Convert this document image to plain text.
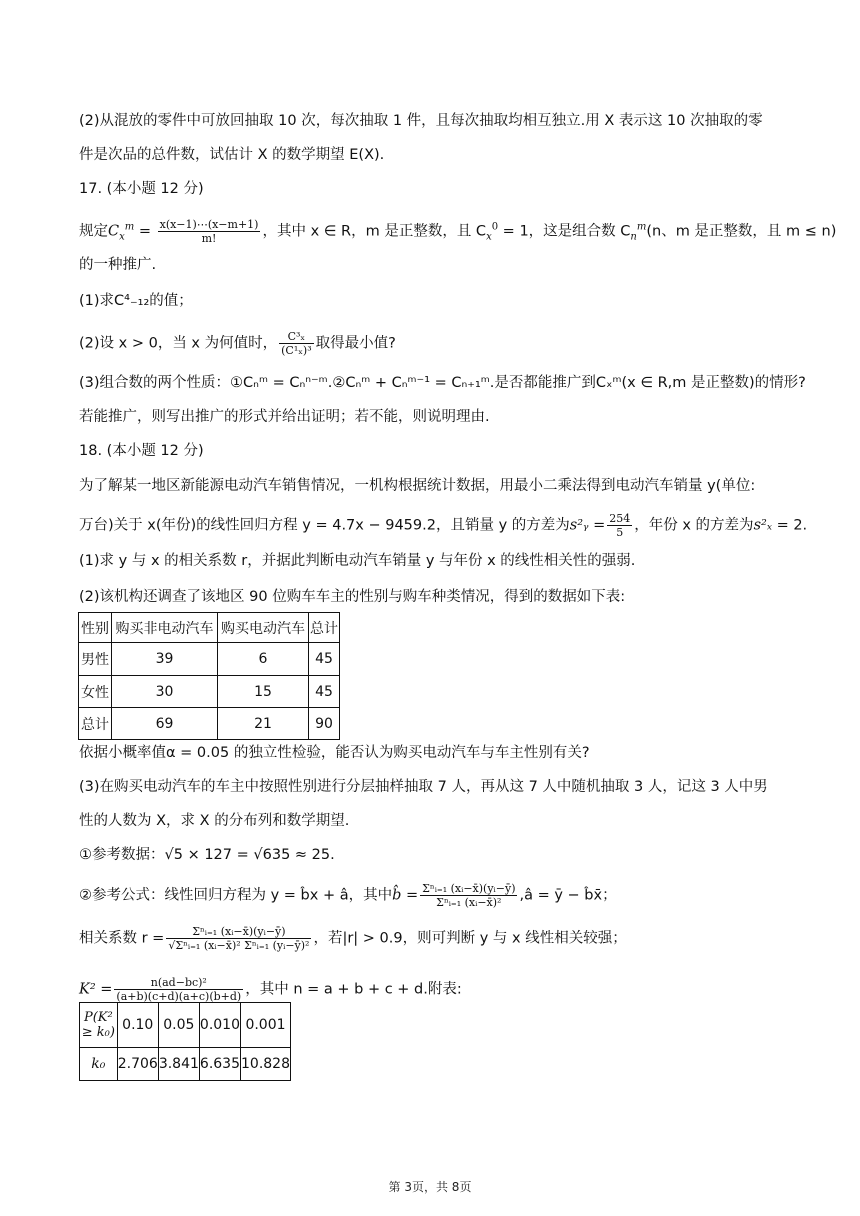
(2)从混放的零件中可放回抽取 10 次，每次抽取 1 件，且每次抽取均相互独立.用 X 表示这 10 次抽取的零
件是次品的总件数，试估计 X 的数学期望 E(X).
17. (本小题 12 分)
规定$C_x^m = \frac{x(x-1)\cdots(x-m+1)}{m!}$ ，其中 x ∈ R，m 是正整数，且 $C_x^0 = 1$，这是组合数 $C_n^m(n$、m 是正整数，且 m ≤ n)
的一种推广.
(1)求C⁴₋₁₂的值；
(2)设 x > 0，当 x 为何值时， $\frac{\text{C³ₓ}}{\text{(C¹ₓ)³}}$ 取得最小值?
(3)组合数的两个性质：①Cₙᵐ = Cₙⁿ⁻ᵐ.②Cₙᵐ + Cₙᵐ⁻¹ = Cₙ₊₁ᵐ.是否都能推广到Cₓᵐ(x ∈ R,m 是正整数)的情形?
若能推广，则写出推广的形式并给出证明；若不能，则说明理由.
18. (本小题 12 分)
为了解某一地区新能源电动汽车销售情况，一机构根据统计数据，用最小二乘法得到电动汽车销量 y(单位:
万台)关于 x(年份)的线性回归方程 y = 4.7x − 9459.2，且销量 y 的方差为s²ᵧ = $\frac{254}{5}$ ，年份 x 的方差为s²ₓ = 2.
(1)求 y 与 x 的相关系数 r，并据此判断电动汽车销量 y 与年份 x 的线性相关性的强弱.
(2)该机构还调查了该地区 90 位购车车主的性别与购车种类情况，得到的数据如下表:
性别	购买非电动汽车	购买电动汽车	总计
男性	39	6	45
女性	30	15	45
总计	69	21	90
依据小概率值α = 0.05 的独立性检验，能否认为购买电动汽车与车主性别有关?
(3)在购买电动汽车的车主中按照性别进行分层抽样抽取 7 人，再从这 7 人中随机抽取 3 人，记这 3 人中男
性的人数为 X，求 X 的分布列和数学期望.
①参考数据：√5 × 127 = √635 ≈ 25.
②参考公式：线性回归方程为 y = b̂x + â，其中b̂ = $\frac{\text{Σⁿᵢ₌₁ (xᵢ−x̄)(yᵢ−ȳ)}}{\text{Σⁿᵢ₌₁ (xᵢ−x̄)²}}$ ,â = ȳ − b̂x̄；
相关系数 $r = \frac{\text{Σⁿᵢ₌₁ (xᵢ−x̄)(yᵢ−ȳ)}}{\text{√Σⁿᵢ₌₁ (xᵢ−x̄)² Σⁿᵢ₌₁ (yᵢ−ȳ)²}}$ ，若|r| > 0.9，则可判断 y 与 x 线性相关较强；
$K^2 = \frac{\text{n(ad−bc)²}}{(a+b)(c+d)(a+c)(b+d)}$ ，其中 n = a + b + c + d.附表:
P(K² ≥ k₀)	0.10	0.05	0.010	0.001
k₀	2.706	3.841	6.635	10.828
第 3页，共 8页
